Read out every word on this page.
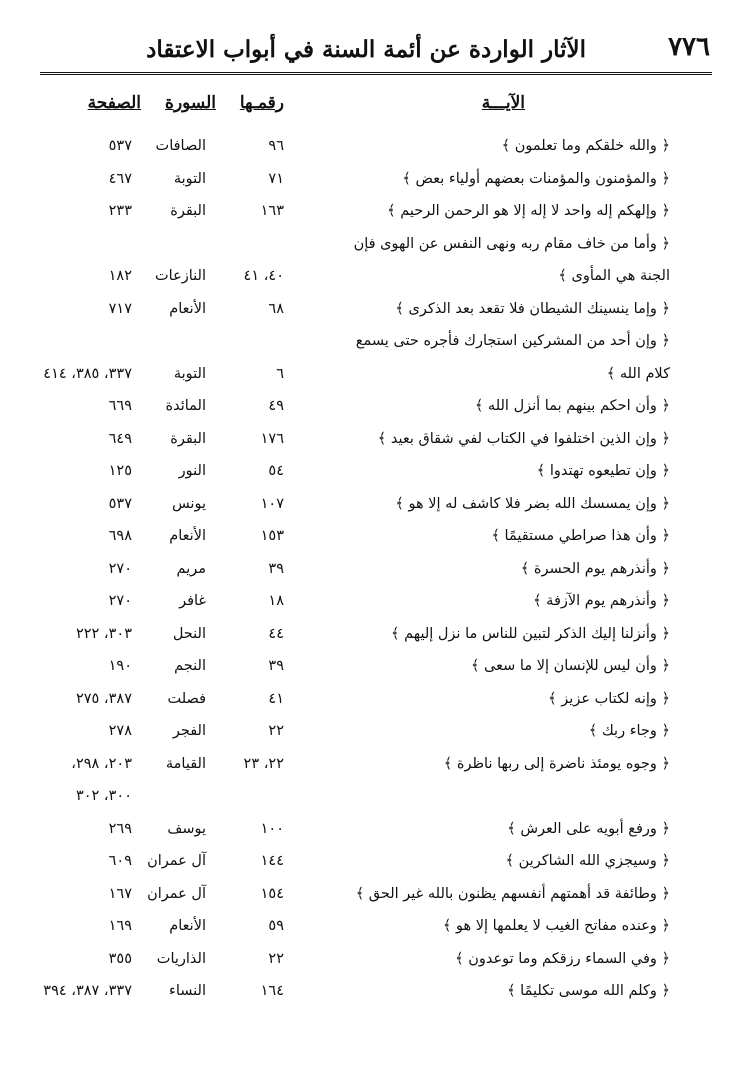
٧٧٦
الآثار الواردة عن أئمة السنة في أبواب الاعتقاد
الآيـــة
رقمـها
السورة
الصفحة
﴿ والله خلقكم وما تعلمون ﴾
٩٦
الصافات
٥٣٧
﴿ والمؤمنون والمؤمنات بعضهم أولياء بعض ﴾
٧١
التوبة
٤٦٧
﴿ وإلهكم إله واحد لا إله إلا هو الرحمن الرحيم ﴾
١٦٣
البقرة
٢٣٣
﴿ وأما من خاف مقام ربه ونهى النفس عن الهوى فإن
الجنة هي المأوى ﴾
٤٠، ٤١
النازعات
١٨٢
﴿ وإما ينسينك الشيطان فلا تقعد بعد الذكرى ﴾
٦٨
الأنعام
٧١٧
﴿ وإن أحد من المشركين استجارك فأجره حتى يسمع
كلام الله ﴾
٦
التوبة
٣٣٧، ٣٨٥، ٤١٤
﴿ وأن احكم بينهم بما أنزل الله ﴾
٤٩
المائدة
٦٦٩
﴿ وإن الذين اختلفوا في الكتاب لفي شقاق بعيد ﴾
١٧٦
البقرة
٦٤٩
﴿ وإن تطيعوه تهتدوا ﴾
٥٤
النور
١٢٥
﴿ وإن يمسسك الله بضر فلا كاشف له إلا هو ﴾
١٠٧
يونس
٥٣٧
﴿ وأن هذا صراطي مستقيمًا ﴾
١٥٣
الأنعام
٦٩٨
﴿ وأنذرهم يوم الحسرة ﴾
٣٩
مريم
٢٧٠
﴿ وأنذرهم يوم الآزفة ﴾
١٨
غافر
٢٧٠
﴿ وأنزلنا إليك الذكر لتبين للناس ما نزل إليهم ﴾
٤٤
النحل
٣٠٣، ٢٢٢
﴿ وأن ليس للإنسان إلا ما سعى ﴾
٣٩
النجم
١٩٠
﴿ وإنه لكتاب عزيز ﴾
٤١
فصلت
٣٨٧، ٢٧٥
﴿ وجاء ربك ﴾
٢٢
الفجر
٢٧٨
﴿ وجوه يومئذ ناضرة إلى ربها ناظرة ﴾
٢٢، ٢٣
القيامة
٢٠٣، ٢٩٨،
٣٠٠، ٣٠٢
﴿ ورفع أبويه على العرش ﴾
١٠٠
يوسف
٢٦٩
﴿ وسيجزي الله الشاكرين ﴾
١٤٤
آل عمران
٦٠٩
﴿ وطائفة قد أهمتهم أنفسهم يظنون بالله غير الحق ﴾
١٥٤
آل عمران
١٦٧
﴿ وعنده مفاتح الغيب لا يعلمها إلا هو ﴾
٥٩
الأنعام
١٦٩
﴿ وفي السماء رزقكم وما توعدون ﴾
٢٢
الذاريات
٣٥٥
﴿ وكلم الله موسى تكليمًا ﴾
١٦٤
النساء
٣٣٧، ٣٨٧، ٣٩٤
